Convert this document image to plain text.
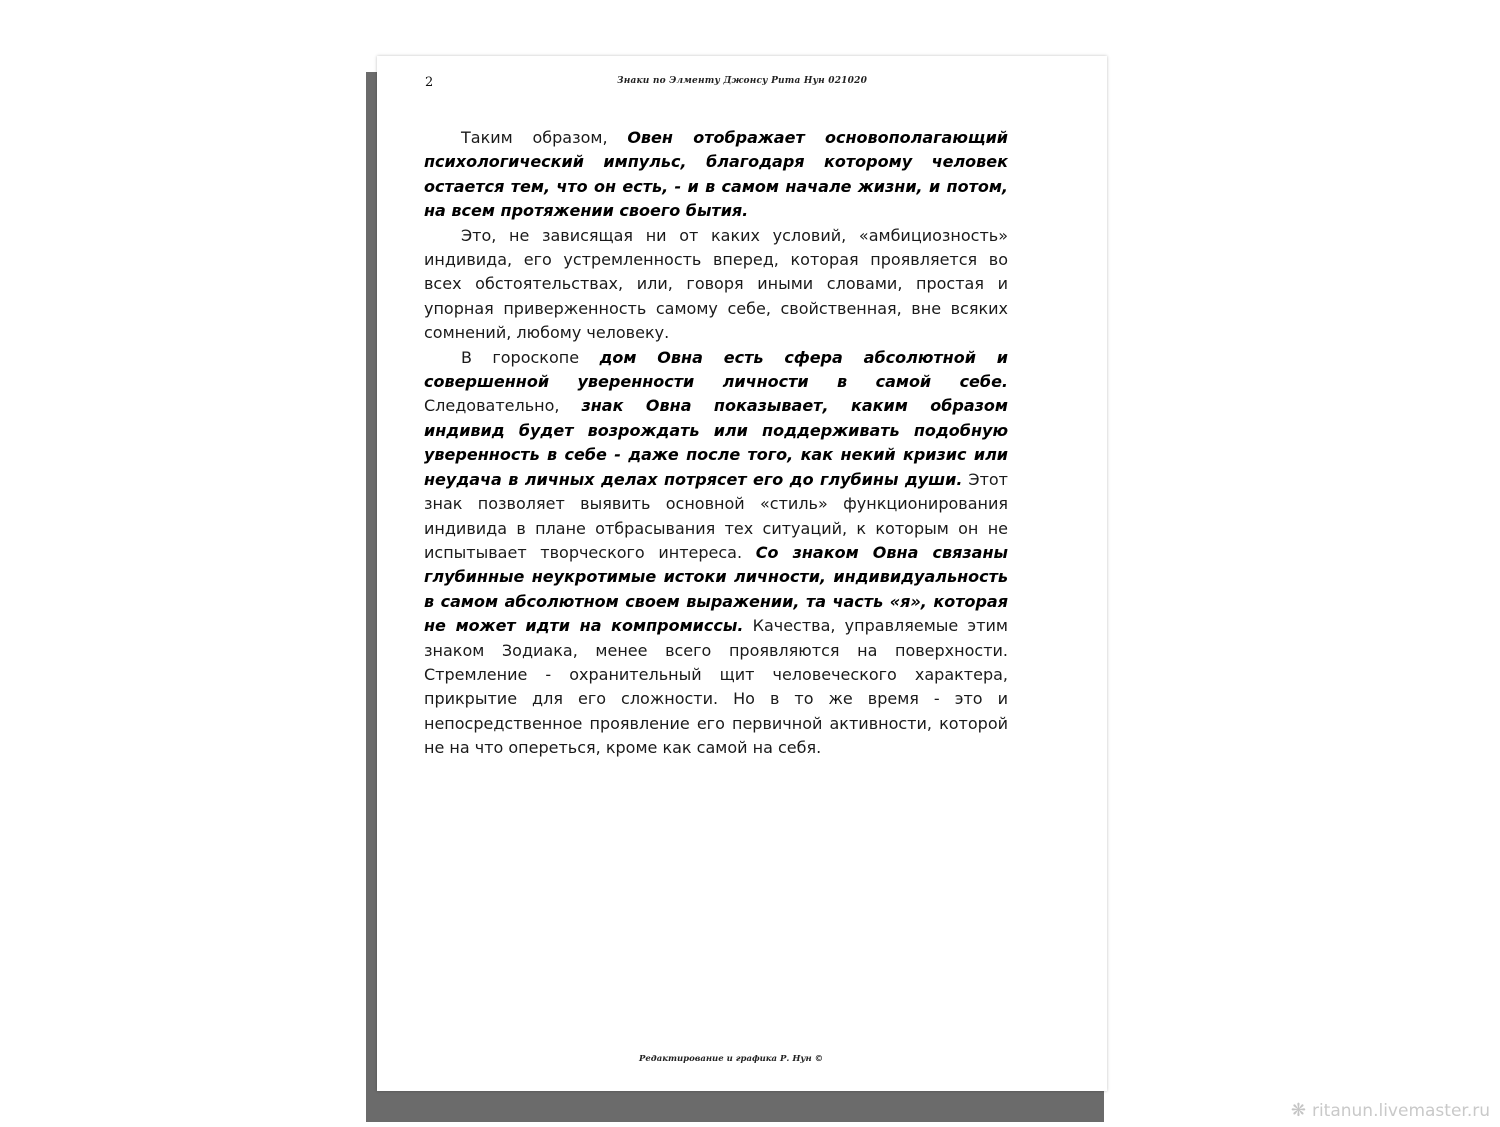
2	Знаки по Элменту Джонсу Рита Нун 021020

Таким образом, Овен отображает основополагающий психологический импульс, благодаря которому человек остается тем, что он есть, - и в самом начале жизни, и потом, на всем протяжении своего бытия.

Это, не зависящая ни от каких условий, «амбициозность» индивида, его устремленность вперед, которая проявляется во всех обстоятельствах, или, говоря иными словами, простая и упорная приверженность самому себе, свойственная, вне всяких сомнений, любому человеку.

В гороскопе дом Овна есть сфера абсолютной и совершенной уверенности личности в самой себе. Следовательно, знак Овна показывает, каким образом индивид будет возрождать или поддерживать подобную уверенность в себе - даже после того, как некий кризис или неудача в личных делах потрясет его до глубины души. Этот знак позволяет выявить основной «стиль» функционирования индивида в плане отбрасывания тех ситуаций, к которым он не испытывает творческого интереса. Со знаком Овна связаны глубинные неукротимые истоки личности, индивидуальность в самом абсолютном своем выражении, та часть «я», которая не может идти на компромиссы. Качества, управляемые этим знаком Зодиака, менее всего проявляются на поверхности. Стремление - охранительный щит человеческого характера, прикрытие для его сложности. Но в то же время - это и непосредственное проявление его первичной активности, которой не на что опереться, кроме как самой на себя.

Редактирование и графика Р. Нун ©
❋ ritanun.livemaster.ru
